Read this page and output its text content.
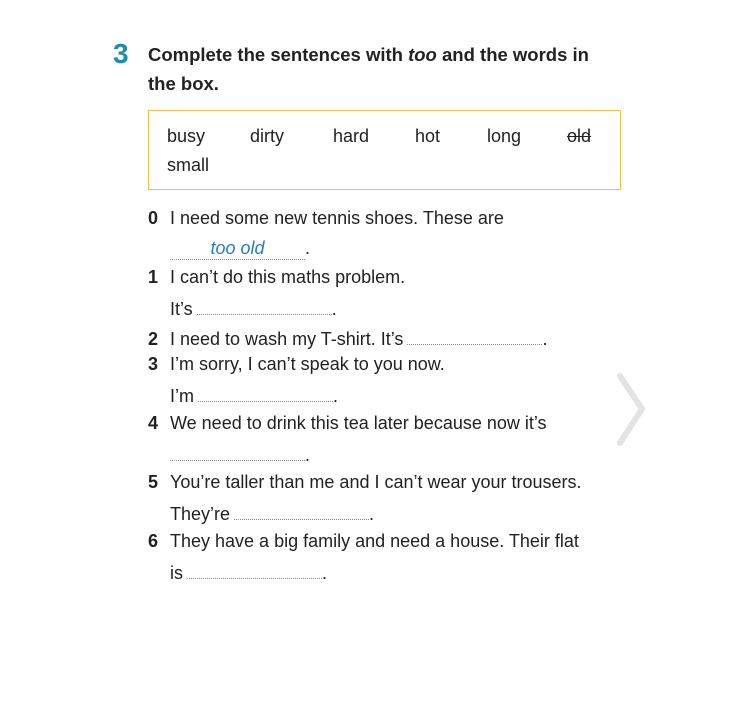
3 Complete the sentences with too and the words in the box.
busy dirty	hard	hot	long	old
small
0 I need some new tennis shoes. These are
too old .
1 I can’t do this maths problem.
It’s	.
2 I need to wash my T-shirt. It’s	.
3 I’m sorry, I can’t speak to you now.
I’m	.
4 We need to drink this tea later because now it’s
.
5 You’re taller than me and I can’t wear your trousers.
They’re	.
6 They have a big family and need a house. Their flat
is	.
